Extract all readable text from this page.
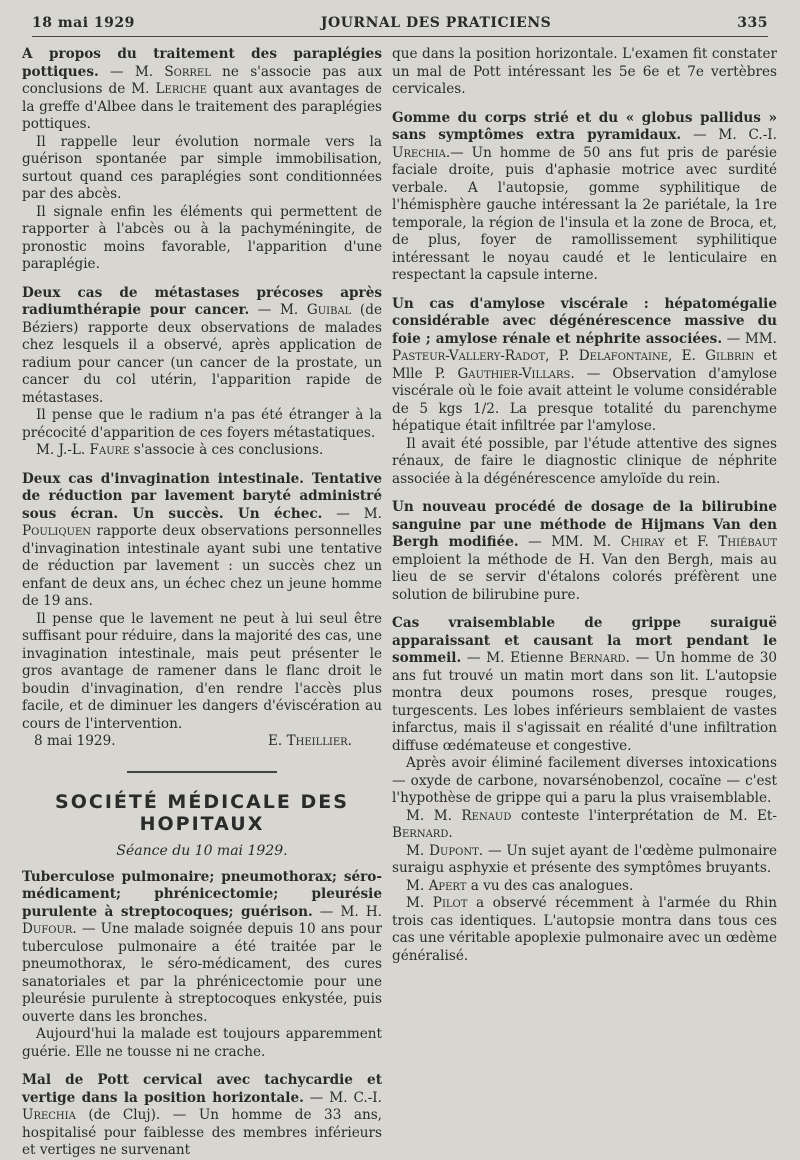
18 mai 1929	JOURNAL DES PRATICIENS	335

A propos du traitement des paraplégies pottiques. — M. Sorrel ne s'associe pas aux conclusions de M. Leriche quant aux avantages de la greffe d'Albee dans le traitement des paraplégies pottiques.

Il rappelle leur évolution normale vers la guérison spontanée par simple immobilisation, surtout quand ces paraplégies sont conditionnées par des abcès.

Il signale enfin les éléments qui permettent de rapporter à l'abcès ou à la pachyméningite, de pronostic moins favorable, l'apparition d'une paraplégie.

Deux cas de métastases précoses après radiumthérapie pour cancer. — M. Guibal (de Béziers) rapporte deux observations de malades chez lesquels il a observé, après application de radium pour cancer (un cancer de la prostate, un cancer du col utérin, l'apparition rapide de métastases.

Il pense que le radium n'a pas été étranger à la précocité d'apparition de ces foyers métastatiques.

M. J.-L. Faure s'associe à ces conclusions.

Deux cas d'invagination intestinale. Tentative de réduction par lavement baryté administré sous écran. Un succès. Un échec. — M. Pouliquen rapporte deux observations personnelles d'invagination intestinale ayant subi une tentative de réduction par lavement : un succès chez un enfant de deux ans, un échec chez un jeune homme de 19 ans.

Il pense que le lavement ne peut à lui seul être suffisant pour réduire, dans la majorité des cas, une invagination intestinale, mais peut présenter le gros avantage de ramener dans le flanc droit le boudin d'invagination, d'en rendre l'accès plus facile, et de diminuer les dangers d'éviscération au cours de l'intervention.

8 mai 1929.	E. Theillier.
SOCIÉTÉ MÉDICALE DES HOPITAUX
Séance du 10 mai 1929.

Tuberculose pulmonaire; pneumothorax; séro-médicament; phrénicectomie; pleurésie purulente à streptocoques; guérison. — M. H. Dufour. — Une malade soignée depuis 10 ans pour tuberculose pulmonaire a été traitée par le pneumothorax, le séro-médicament, des cures sanatoriales et par la phrénicectomie pour une pleurésie purulente à streptocoques enkystée, puis ouverte dans les bronches.

Aujourd'hui la malade est toujours apparemment guérie. Elle ne tousse ni ne crache.

Mal de Pott cervical avec tachycardie et vertige dans la position horizontale. — M. C.-I. Urechia (de Cluj). — Un homme de 33 ans, hospitalisé pour faiblesse des membres inférieurs et vertiges ne survenant

que dans la position horizontale. L'examen fit constater un mal de Pott intéressant les 5e 6e et 7e vertèbres cervicales.

Gomme du corps strié et du « globus pallidus » sans symptômes extra pyramidaux. — M. C.-I. Urechia.— Un homme de 50 ans fut pris de parésie faciale droite, puis d'aphasie motrice avec surdité verbale. A l'autopsie, gomme syphilitique de l'hémisphère gauche intéressant la 2e pariétale, la 1re temporale, la région de l'insula et la zone de Broca, et, de plus, foyer de ramollissement syphilitique intéressant le noyau caudé et le lenticulaire en respectant la capsule interne.

Un cas d'amylose viscérale : hépatomégalie considérable avec dégénérescence massive du foie ; amylose rénale et néphrite associées. — MM. Pasteur-Vallery-Radot, P. Delafontaine, E. Gilbrin et Mlle P. Gauthier-Villars. — Observation d'amylose viscérale où le foie avait atteint le volume considérable de 5 kgs 1/2. La presque totalité du parenchyme hépatique était infiltrée par l'amylose.

Il avait été possible, par l'étude attentive des signes rénaux, de faire le diagnostic clinique de néphrite associée à la dégénérescence amyloïde du rein.

Un nouveau procédé de dosage de la bilirubine sanguine par une méthode de Hijmans Van den Bergh modifiée. — MM. M. Chiray et F. Thiébaut emploient la méthode de H. Van den Bergh, mais au lieu de se servir d'étalons colorés préfèrent une solution de bilirubine pure.

Cas vraisemblable de grippe suraiguë apparaissant et causant la mort pendant le sommeil. — M. Etienne Bernard. — Un homme de 30 ans fut trouvé un matin mort dans son lit. L'autopsie montra deux poumons roses, presque rouges, turgescents. Les lobes inférieurs semblaient de vastes infarctus, mais il s'agissait en réalité d'une infiltration diffuse œdémateuse et congestive.

Après avoir éliminé facilement diverses intoxications — oxyde de carbone, novarsénobenzol, cocaïne — c'est l'hypothèse de grippe qui a paru la plus vraisemblable.

M. M. Renaud conteste l'interprétation de M. Et-Bernard.

M. Dupont. — Un sujet ayant de l'œdème pulmonaire suraigu asphyxie et présente des symptômes bruyants.

M. Apert a vu des cas analogues.

M. Pilot a observé récemment à l'armée du Rhin trois cas identiques. L'autopsie montra dans tous ces cas une véritable apoplexie pulmonaire avec un œdème généralisé.
